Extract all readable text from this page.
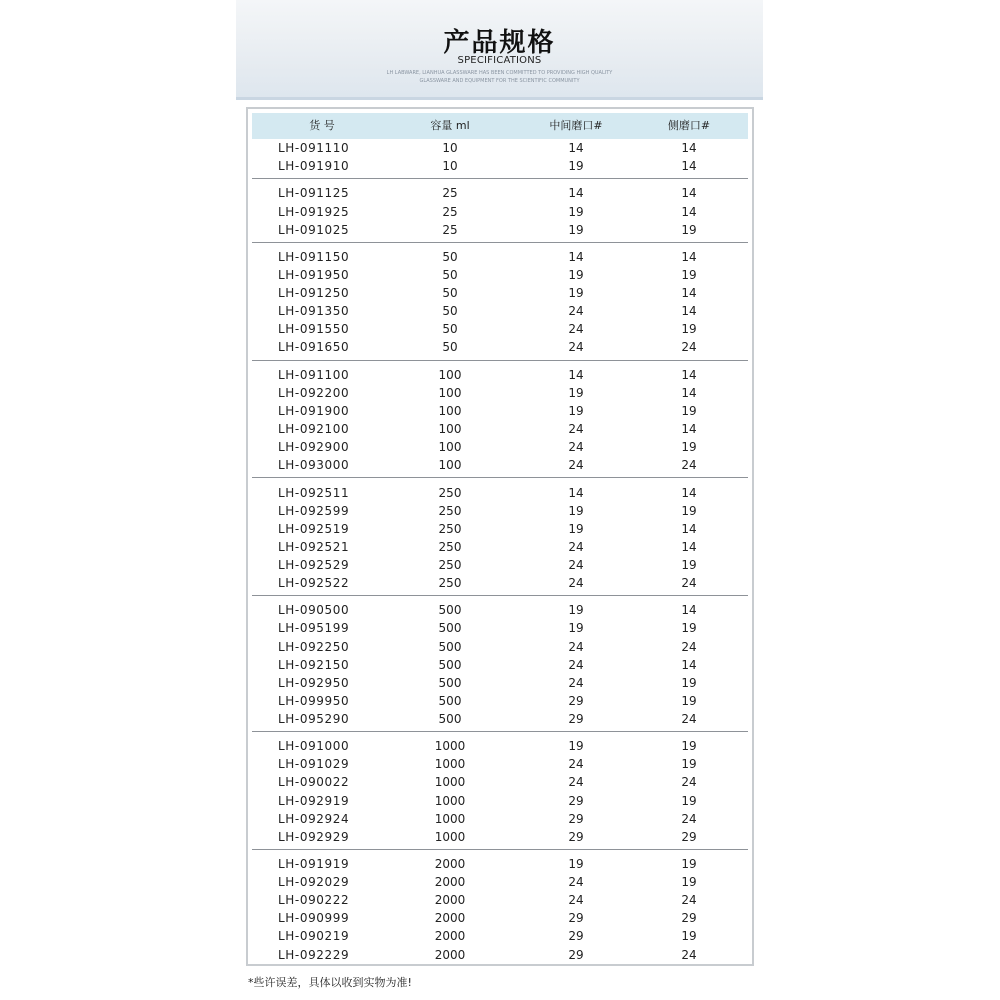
产品规格
SPECIFICATIONS
LH LABWARE, LIANHUA GLASSWARE HAS BEEN COMMITTED TO PROVIDING HIGH QUALITY GLASSWARE AND EQUIPMENT FOR THE SCIENTIFIC COMMUNITY
货 号	容量 ml	中间磨口#	侧磨口#
LH-091110	10	14	14
LH-091910	10	19	14
LH-091125	25	14	14
LH-091925	25	19	14
LH-091025	25	19	19
LH-091150	50	14	14
LH-091950	50	19	19
LH-091250	50	19	14
LH-091350	50	24	14
LH-091550	50	24	19
LH-091650	50	24	24
LH-091100	100	14	14
LH-092200	100	19	14
LH-091900	100	19	19
LH-092100	100	24	14
LH-092900	100	24	19
LH-093000	100	24	24
LH-092511	250	14	14
LH-092599	250	19	19
LH-092519	250	19	14
LH-092521	250	24	14
LH-092529	250	24	19
LH-092522	250	24	24
LH-090500	500	19	14
LH-095199	500	19	19
LH-092250	500	24	24
LH-092150	500	24	14
LH-092950	500	24	19
LH-099950	500	29	19
LH-095290	500	29	24
LH-091000	1000	19	19
LH-091029	1000	24	19
LH-090022	1000	24	24
LH-092919	1000	29	19
LH-092924	1000	29	24
LH-092929	1000	29	29
LH-091919	2000	19	19
LH-092029	2000	24	19
LH-090222	2000	24	24
LH-090999	2000	29	29
LH-090219	2000	29	19
LH-092229	2000	29	24
*些许误差，具体以收到实物为准!
